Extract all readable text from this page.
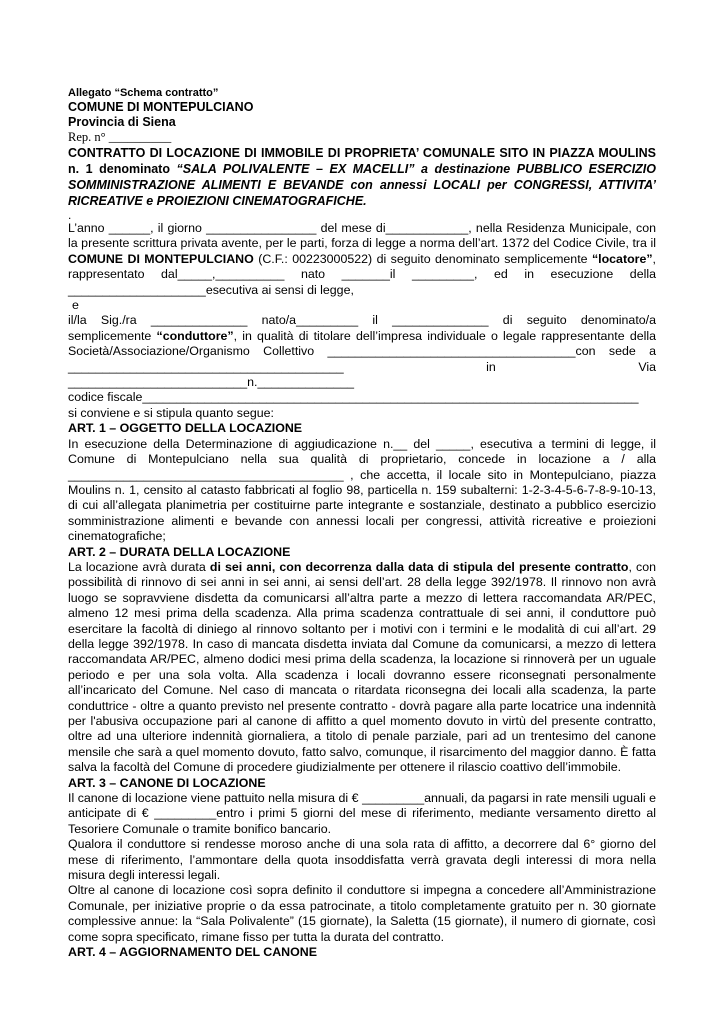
Allegato “Schema contratto”
COMUNE DI MONTEPULCIANO
Provincia di Siena
Rep. n° __________
CONTRATTO DI LOCAZIONE DI IMMOBILE DI PROPRIETA’ COMUNALE SITO IN PIAZZA MOULINS n. 1 denominato “SALA POLIVALENTE – EX MACELLI” a destinazione PUBBLICO ESERCIZIO SOMMINISTRAZIONE ALIMENTI E BEVANDE con annessi LOCALI per CONGRESSI, ATTIVITA’ RICREATIVE e PROIEZIONI CINEMATOGRAFICHE.
.

L’anno ______, il giorno ________________ del mese di____________, nella Residenza Municipale, con la presente scrittura privata avente, per le parti, forza di legge a norma dell’art. 1372 del Codice Civile, tra il COMUNE DI MONTEPULCIANO (C.F.: 00223000522) di seguito denominato semplicemente “locatore”, rappresentato dal_____,__________ nato _______il _________, ed in esecuzione della ____________________esecutiva ai sensi di legge,

e

il/la Sig./ra ______________ nato/a_________ il ______________ di seguito denominato/a semplicemente “conduttore”, in qualità di titolare dell’impresa individuale o legale rappresentante della Società/Associazione/Organismo Collettivo ____________________________________con sede a ________________________________________ in Via __________________________n.______________

codice fiscale________________________________________________________________________

si conviene e si stipula quanto segue:

ART. 1 – OGGETTO DELLA LOCAZIONE

In esecuzione della Determinazione di aggiudicazione n.__ del _____, esecutiva a termini di legge, il Comune di Montepulciano nella sua qualità di proprietario, concede in locazione a / alla ________________________________________ , che accetta, il locale sito in Montepulciano, piazza Moulins n. 1, censito al catasto fabbricati al foglio 98, particella n. 159 subalterni: 1-2-3-4-5-6-7-8-9-10-13, di cui all’allegata planimetria per costituirne parte integrante e sostanziale, destinato a pubblico esercizio somministrazione alimenti e bevande con annessi locali per congressi, attività ricreative e proiezioni cinematografiche;

ART. 2 – DURATA DELLA LOCAZIONE

La locazione avrà durata di sei anni, con decorrenza dalla data di stipula del presente contratto, con possibilità di rinnovo di sei anni in sei anni, ai sensi dell’art. 28 della legge 392/1978. Il rinnovo non avrà luogo se sopravviene disdetta da comunicarsi all’altra parte a mezzo di lettera raccomandata AR/PEC, almeno 12 mesi prima della scadenza. Alla prima scadenza contrattuale di sei anni, il conduttore può esercitare la facoltà di diniego al rinnovo soltanto per i motivi con i termini e le modalità di cui all’art. 29 della legge 392/1978. In caso di mancata disdetta inviata dal Comune da comunicarsi, a mezzo di lettera raccomandata AR/PEC, almeno dodici mesi prima della scadenza, la locazione si rinnoverà per un uguale periodo e per una sola volta. Alla scadenza i locali dovranno essere riconsegnati personalmente all’incaricato del Comune. Nel caso di mancata o ritardata riconsegna dei locali alla scadenza, la parte conduttrice - oltre a quanto previsto nel presente contratto - dovrà pagare alla parte locatrice una indennità per l'abusiva occupazione pari al canone di affitto a quel momento dovuto in virtù del presente contratto, oltre ad una ulteriore indennità giornaliera, a titolo di penale parziale, pari ad un trentesimo del canone mensile che sarà a quel momento dovuto, fatto salvo, comunque, il risarcimento del maggior danno. È fatta salva la facoltà del Comune di procedere giudizialmente per ottenere il rilascio coattivo dell’immobile.

ART. 3 – CANONE DI LOCAZIONE

Il canone di locazione viene pattuito nella misura di € _________annuali, da pagarsi in rate mensili uguali e anticipate di € _________entro i primi 5 giorni del mese di riferimento, mediante versamento diretto al Tesoriere Comunale o tramite bonifico bancario.

Qualora il conduttore si rendesse moroso anche di una sola rata di affitto, a decorrere dal 6° giorno del mese di riferimento, l’ammontare della quota insoddisfatta verrà gravata degli interessi di mora nella misura degli interessi legali.

Oltre al canone di locazione così sopra definito il conduttore si impegna a concedere all’Amministrazione Comunale, per iniziative proprie o da essa patrocinate, a titolo completamente gratuito per n. 30 giornate complessive annue: la “Sala Polivalente” (15 giornate), la Saletta (15 giornate), il numero di giornate, così come sopra specificato, rimane fisso per tutta la durata del contratto.

ART. 4 – AGGIORNAMENTO DEL CANONE
